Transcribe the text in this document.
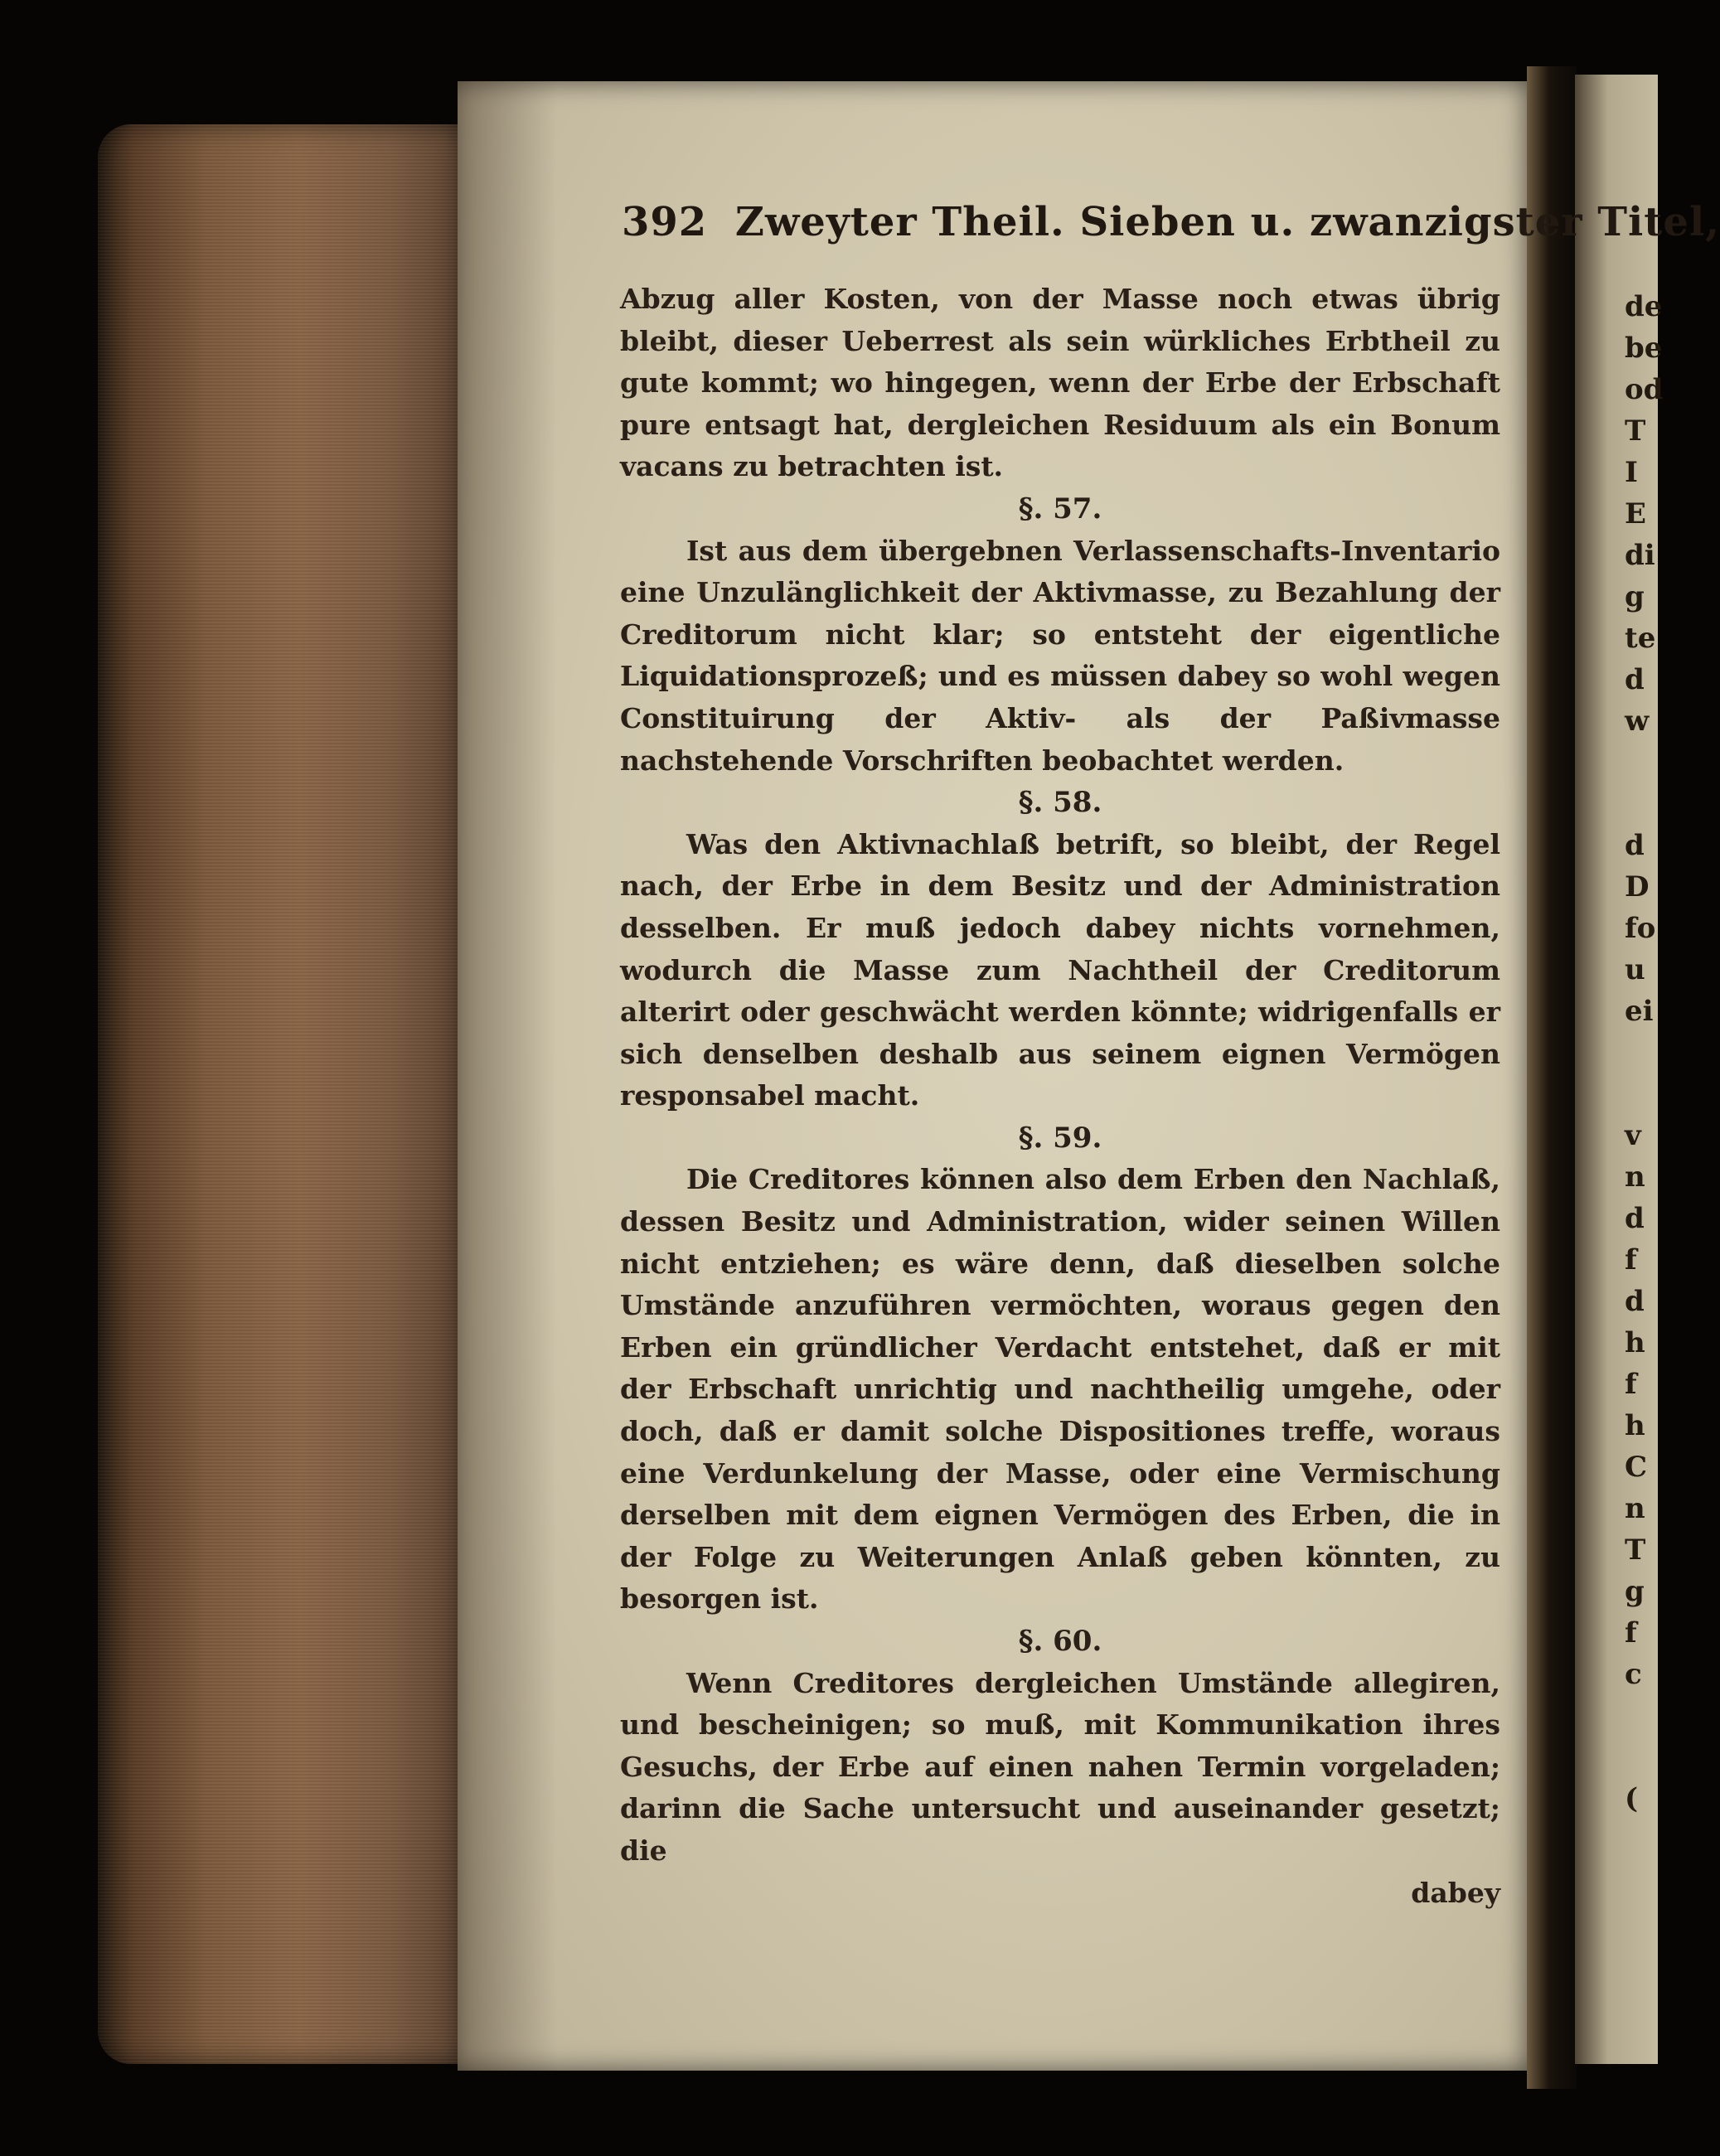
392 Zweyter Theil. Sieben u. zwanzigster Titel,

Abzug aller Kosten, von der Masse noch etwas übrig bleibt, dieser Ueberrest als sein würkliches Erbtheil zu gute kommt; wo hingegen, wenn der Erbe der Erbschaft pure entsagt hat, dergleichen Residuum als ein Bonum vacans zu betrachten ist.

§. 57.

Ist aus dem übergebnen Verlassenschafts-Inventario eine Unzulänglichkeit der Aktivmasse, zu Bezahlung der Creditorum nicht klar; so entsteht der eigentliche Liquidationsprozeß; und es müssen dabey so wohl wegen Constituirung der Aktiv- als der Paßivmasse nachstehende Vorschriften beobachtet werden.

§. 58.

Was den Aktivnachlaß betrift, so bleibt, der Regel nach, der Erbe in dem Besitz und der Administration desselben. Er muß jedoch dabey nichts vornehmen, wodurch die Masse zum Nachtheil der Creditorum alterirt oder geschwächt werden könnte; widrigenfalls er sich denselben deshalb aus seinem eignen Vermögen responsabel macht.

§. 59.

Die Creditores können also dem Erben den Nachlaß, dessen Besitz und Administration, wider seinen Willen nicht entziehen; es wäre denn, daß dieselben solche Umstände anzuführen vermöchten, woraus gegen den Erben ein gründlicher Verdacht entstehet, daß er mit der Erbschaft unrichtig und nachtheilig umgehe, oder doch, daß er damit solche Dispositiones treffe, woraus eine Verdunkelung der Masse, oder eine Vermischung derselben mit dem eignen Vermögen des Erben, die in der Folge zu Weiterungen Anlaß geben könnten, zu besorgen ist.

§. 60.

Wenn Creditores dergleichen Umstände allegiren, und bescheinigen; so muß, mit Kommunikation ihres Gesuchs, der Erbe auf einen nahen Termin vorgeladen; darinn die Sache untersucht und auseinander gesetzt; die

dabey

de
be
od
T
I
E
di
g
te
d
w
d
D
fo
u
ei
v
n
d
f
d
h
f
h
C
n
T
g
f
c
(
